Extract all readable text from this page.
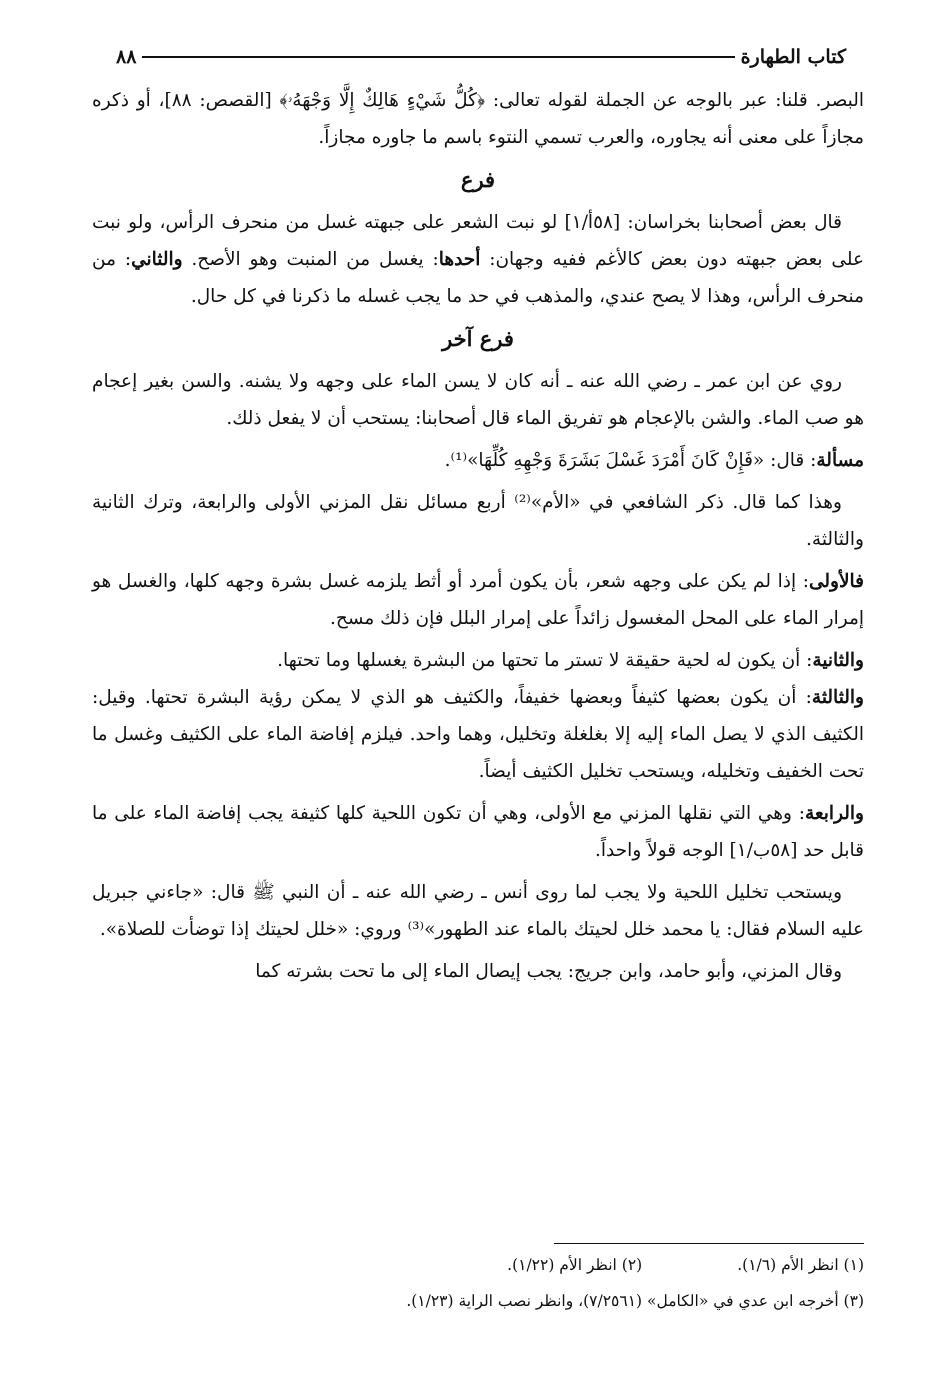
٨٨	كتاب الطهارة

البصر. قلنا: عبر بالوجه عن الجملة لقوله تعالى: ﴿كُلُّ شَيْءٍ هَالِكٌ إِلَّا وَجْهَهُۥ﴾ [القصص: ٨٨]، أو ذكره مجازاً على معنى أنه يجاوره، والعرب تسمي النتوء باسم ما جاوره مجازاً.

فرع

قال بعض أصحابنا بخراسان: [٥٨أ/١] لو نبت الشعر على جبهته غسل من منحرف الرأس، ولو نبت على بعض جبهته دون بعض كالأغم ففيه وجهان: أحدها: يغسل من المنبت وهو الأصح. والثاني: من منحرف الرأس، وهذا لا يصح عندي، والمذهب في حد ما يجب غسله ما ذكرنا في كل حال.

فرع آخر

روي عن ابن عمر ـ رضي الله عنه ـ أنه كان لا يسن الماء على وجهه ولا يشنه. والسن بغير إعجام هو صب الماء. والشن بالإعجام هو تفريق الماء قال أصحابنا: يستحب أن لا يفعل ذلك.

مسألة: قال: «فَإِنْ كَانَ أَمْرَدَ غَسْلَ بَشَرَةَ وَجْهِهِ كُلِّهَا»⁽¹⁾.

وهذا كما قال. ذكر الشافعي في «الأم»⁽²⁾ أربع مسائل نقل المزني الأولى والرابعة، وترك الثانية والثالثة.

فالأولى: إذا لم يكن على وجهه شعر، بأن يكون أمرد أو أثط يلزمه غسل بشرة وجهه كلها، والغسل هو إمرار الماء على المحل المغسول زائداً على إمرار البلل فإن ذلك مسح.

والثانية: أن يكون له لحية حقيقة لا تستر ما تحتها من البشرة يغسلها وما تحتها.

والثالثة: أن يكون بعضها كثيفاً وبعضها خفيفاً، والكثيف هو الذي لا يمكن رؤية البشرة تحتها. وقيل: الكثيف الذي لا يصل الماء إليه إلا بغلغلة وتخليل، وهما واحد. فيلزم إفاضة الماء على الكثيف وغسل ما تحت الخفيف وتخليله، ويستحب تخليل الكثيف أيضاً.

والرابعة: وهي التي نقلها المزني مع الأولى، وهي أن تكون اللحية كلها كثيفة يجب إفاضة الماء على ما قابل حد [٥٨ب/١] الوجه قولاً واحداً.

ويستحب تخليل اللحية ولا يجب لما روى أنس ـ رضي الله عنه ـ أن النبي ﷺ قال: «جاءني جبريل عليه السلام فقال: يا محمد خلل لحيتك بالماء عند الطهور»⁽³⁾ وروي: «خلل لحيتك إذا توضأت للصلاة».

وقال المزني، وأبو حامد، وابن جريج: يجب إيصال الماء إلى ما تحت بشرته كما

(١) انظر الأم (١/٦).
(٢) انظر الأم (١/٢٢).
(٣) أخرجه ابن عدي في «الكامل» (٧/٢٥٦١)، وانظر نصب الراية (١/٢٣).
